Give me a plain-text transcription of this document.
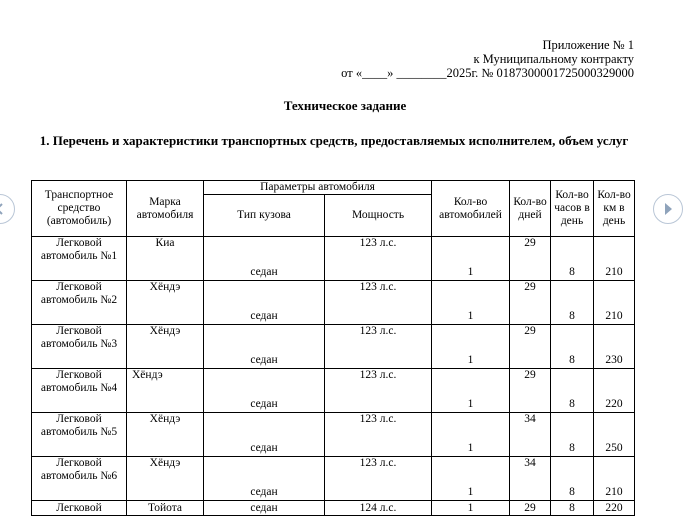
Приложение № 1
к Муниципальному контракту
от «____» ________2025г. № 0187300001725000329000
Техническое задание
1. Перечень и характеристики транспортных средств, предоставляемых исполнителем, объем услуг
Транспортное средство (автомобиль)	Марка автомобиля	Параметры автомобиля		Кол-во автомобилей	Кол-во дней	Кол-во часов в день	Кол-во км в день
		Тип кузова	Мощность				
Легковой автомобиль №1	Киа	седан	123 л.с.	1	29	8	210
Легковой автомобиль №2	Хёндэ	седан	123 л.с.	1	29	8	210
Легковой автомобиль №3	Хёндэ	седан	123 л.с.	1	29	8	230
Легковой автомобиль №4	Хёндэ	седан	123 л.с.	1	29	8	220
Легковой автомобиль №5	Хёндэ	седан	123 л.с.	1	34	8	250
Легковой автомобиль №6	Хёндэ	седан	123 л.с.	1	34	8	210
Легковой	Тойота	седан	124 л.с.	1	29	8	220
